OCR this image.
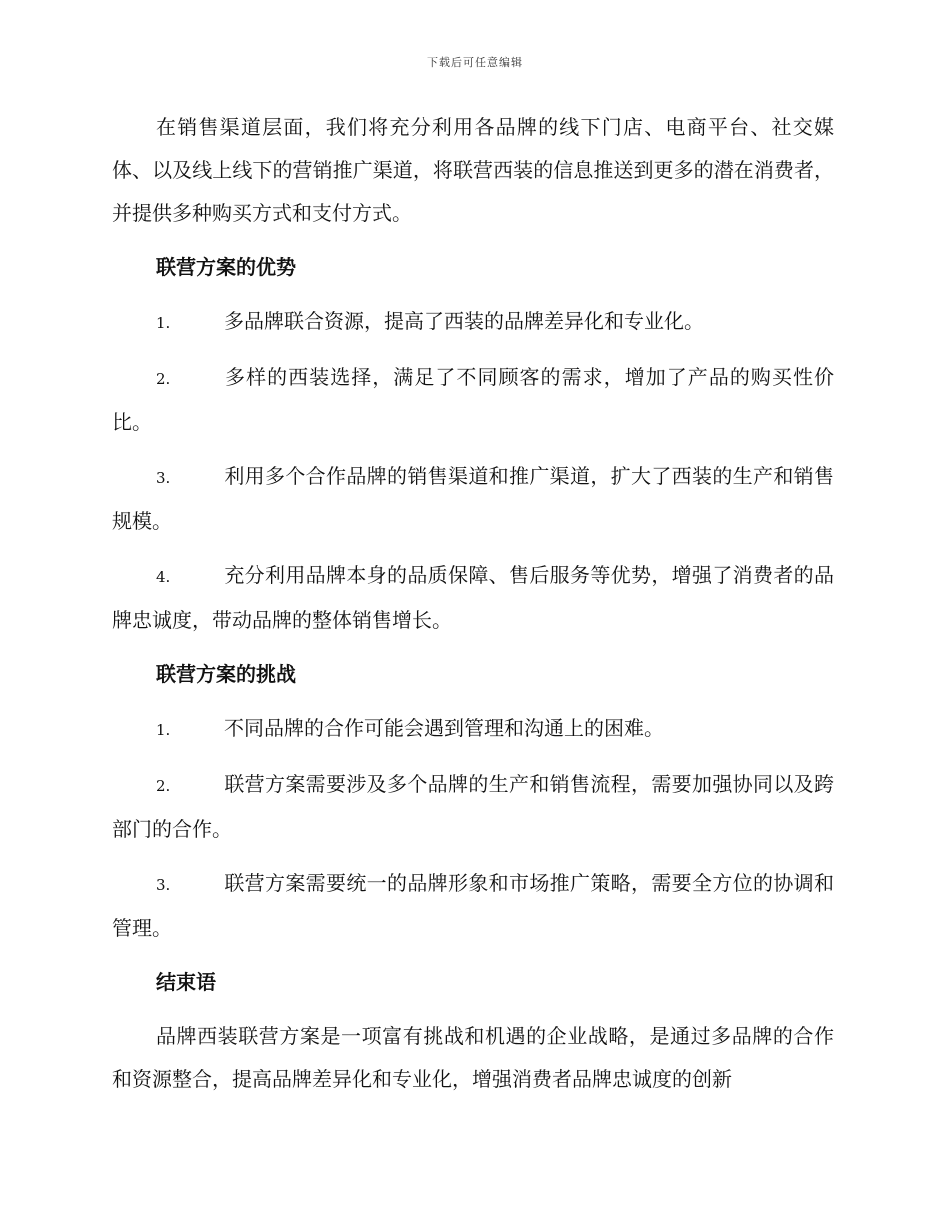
下载后可任意编辑

在销售渠道层面，我们将充分利用各品牌的线下门店、电商平台、社交媒体、以及线上线下的营销推广渠道，将联营西装的信息推送到更多的潜在消费者，并提供多种购买方式和支付方式。

联营方案的优势

1.	多品牌联合资源，提高了西装的品牌差异化和专业化。

2.	多样的西装选择，满足了不同顾客的需求，增加了产品的购买性价比。

3.	利用多个合作品牌的销售渠道和推广渠道，扩大了西装的生产和销售规模。

4.	充分利用品牌本身的品质保障、售后服务等优势，增强了消费者的品牌忠诚度，带动品牌的整体销售增长。

联营方案的挑战

1.	不同品牌的合作可能会遇到管理和沟通上的困难。

2.	联营方案需要涉及多个品牌的生产和销售流程，需要加强协同以及跨部门的合作。

3.	联营方案需要统一的品牌形象和市场推广策略，需要全方位的协调和管理。

结束语

品牌西装联营方案是一项富有挑战和机遇的企业战略，是通过多品牌的合作和资源整合，提高品牌差异化和专业化，增强消费者品牌忠诚度的创新
